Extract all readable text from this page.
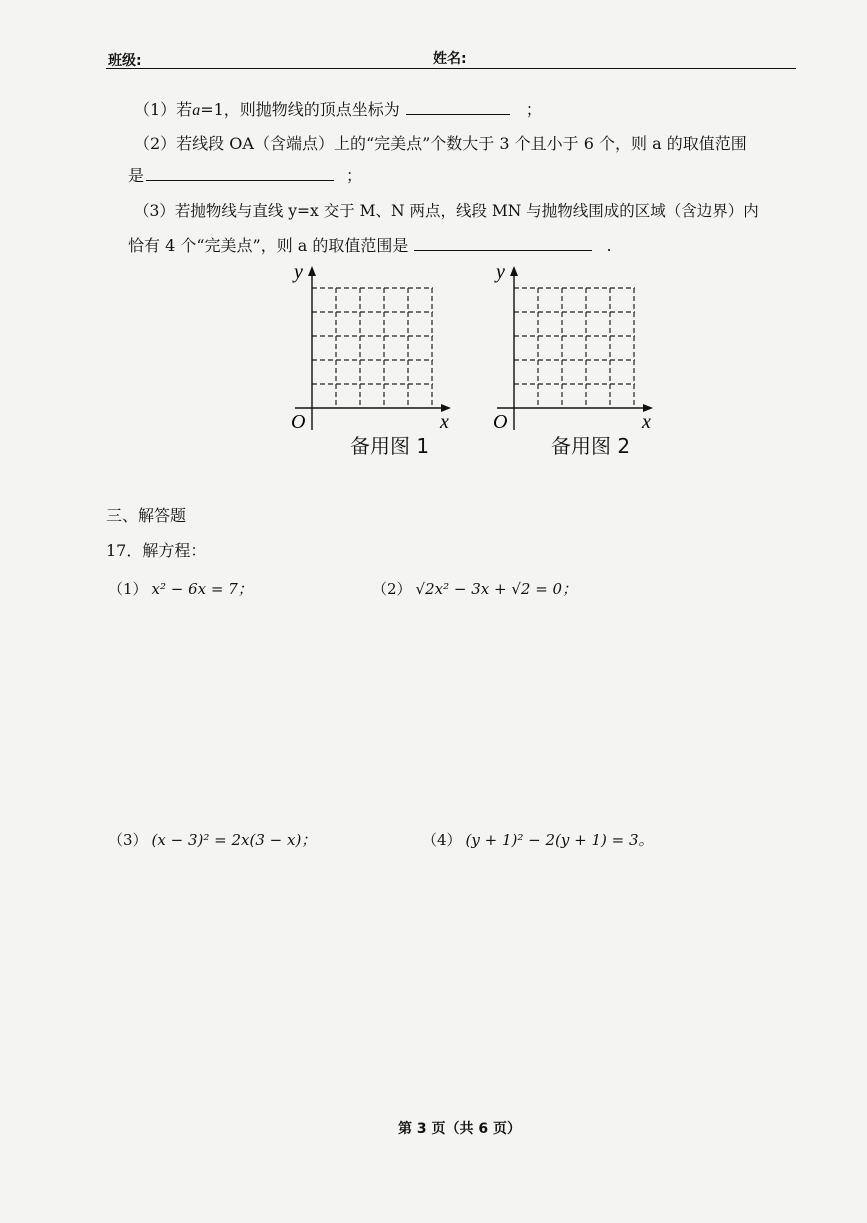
班级:	姓名:
（1）若a=1，则抛物线的顶点坐标为	；
（2）若线段 OA（含端点）上的“完美点”个数大于 3 个且小于 6 个，则 a 的取值范围
是	；
（3）若抛物线与直线 y=x 交于 M、N 两点，线段 MN 与抛物线围成的区域（含边界）内
恰有 4 个“完美点”，则 a 的取值范围是	.
y
x
O
备用图 1
y
x
O
备用图 2
三、解答题
17．解方程：
（1） x² − 6x = 7；	（2） √2x² − 3x + √2 = 0；
（3） (x − 3)² = 2x(3 − x)；	（4） (y + 1)² − 2(y + 1) = 3。
第 3 页（共 6 页）
